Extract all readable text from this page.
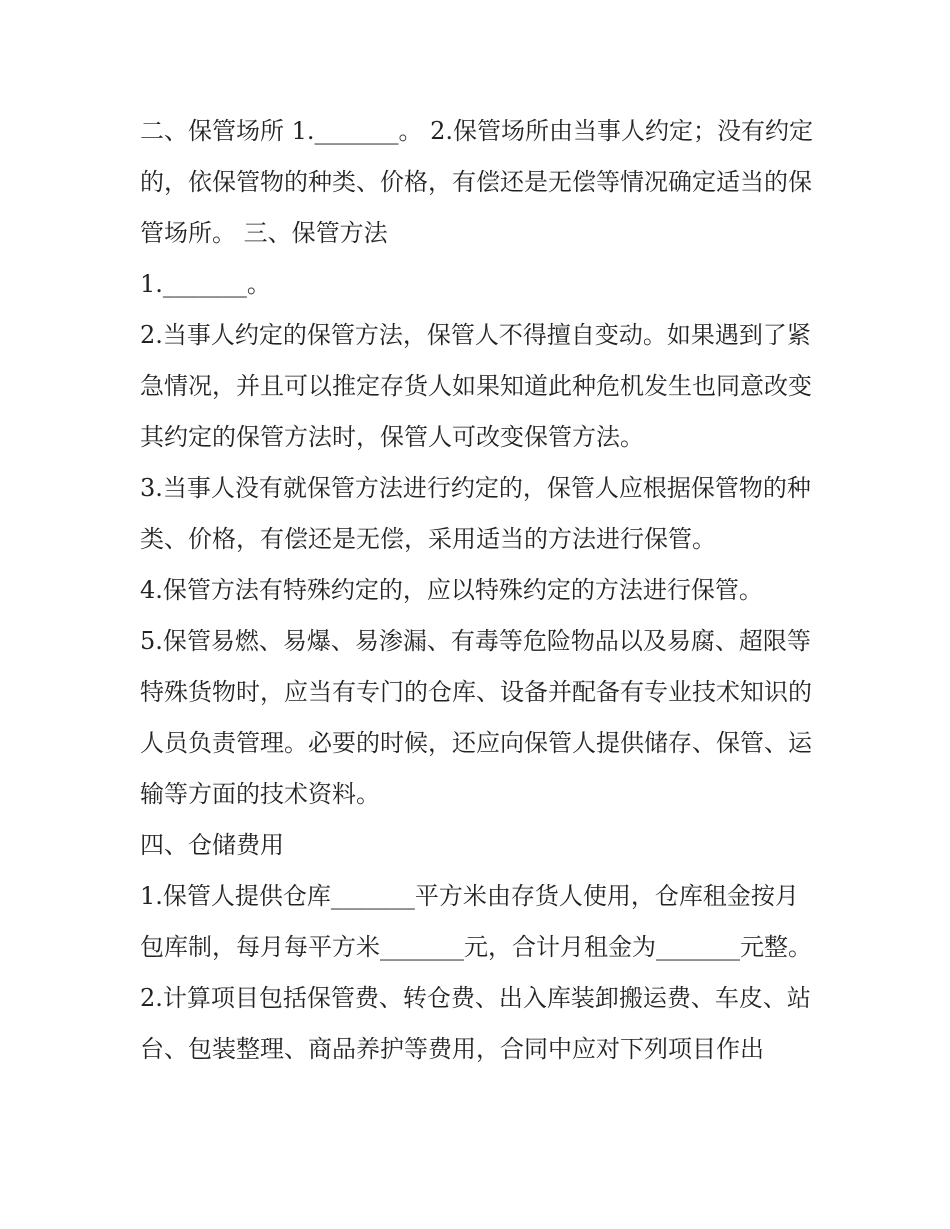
二、保管场所 1._______。 2.保管场所由当事人约定；没有约定的，依保管物的种类、价格，有偿还是无偿等情况确定适当的保管场所。 三、保管方法

1._______。

2.当事人约定的保管方法，保管人不得擅自变动。如果遇到了紧急情况，并且可以推定存货人如果知道此种危机发生也同意改变其约定的保管方法时，保管人可改变保管方法。

3.当事人没有就保管方法进行约定的，保管人应根据保管物的种类、价格，有偿还是无偿，采用适当的方法进行保管。

4.保管方法有特殊约定的，应以特殊约定的方法进行保管。

5.保管易燃、易爆、易渗漏、有毒等危险物品以及易腐、超限等特殊货物时，应当有专门的仓库、设备并配备有专业技术知识的人员负责管理。必要的时候，还应向保管人提供储存、保管、运输等方面的技术资料。

四、仓储费用

1.保管人提供仓库_______平方米由存货人使用，仓库租金按月包库制，每月每平方米_______元，合计月租金为_______元整。

2.计算项目包括保管费、转仓费、出入库装卸搬运费、车皮、站台、包装整理、商品养护等费用，合同中应对下列项目作出
